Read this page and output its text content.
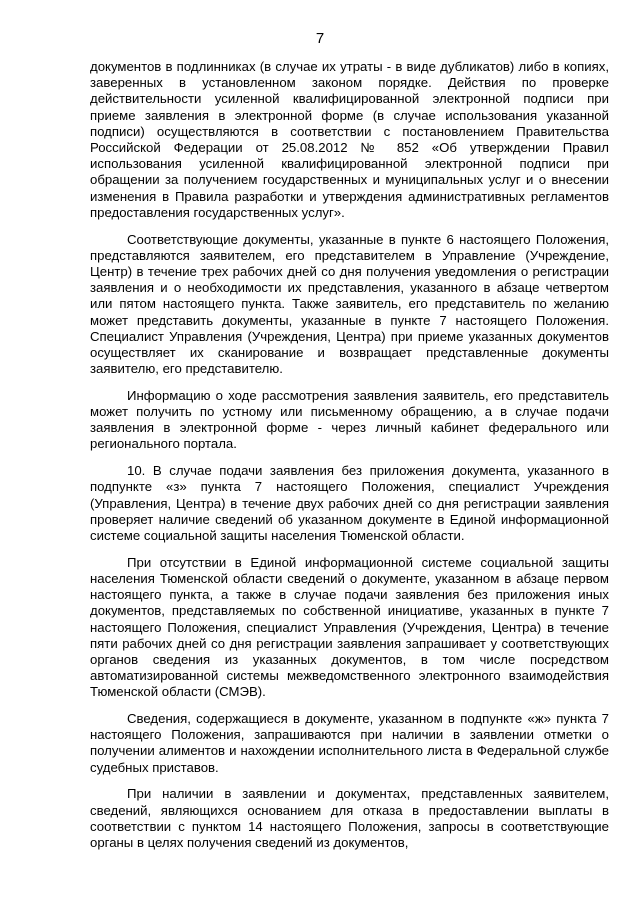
7

документов в подлинниках (в случае их утраты - в виде дубликатов) либо в копиях, заверенных в установленном законом порядке. Действия по проверке действительности усиленной квалифицированной электронной подписи при приеме заявления в электронной форме (в случае использования указанной подписи) осуществляются в соответствии с постановлением Правительства Российской Федерации от 25.08.2012 № 852 «Об утверждении Правил использования усиленной квалифицированной электронной подписи при обращении за получением государственных и муниципальных услуг и о внесении изменения в Правила разработки и утверждения административных регламентов предоставления государственных услуг».

Соответствующие документы, указанные в пункте 6 настоящего Положения, представляются заявителем, его представителем в Управление (Учреждение, Центр) в течение трех рабочих дней со дня получения уведомления о регистрации заявления и о необходимости их представления, указанного в абзаце четвертом или пятом настоящего пункта. Также заявитель, его представитель по желанию может представить документы, указанные в пункте 7 настоящего Положения. Специалист Управления (Учреждения, Центра) при приеме указанных документов осуществляет их сканирование и возвращает представленные документы заявителю, его представителю.

Информацию о ходе рассмотрения заявления заявитель, его представитель может получить по устному или письменному обращению, а в случае подачи заявления в электронной форме - через личный кабинет федерального или регионального портала.

10. В случае подачи заявления без приложения документа, указанного в подпункте «з» пункта 7 настоящего Положения, специалист Учреждения (Управления, Центра) в течение двух рабочих дней со дня регистрации заявления проверяет наличие сведений об указанном документе в Единой информационной системе социальной защиты населения Тюменской области.

При отсутствии в Единой информационной системе социальной защиты населения Тюменской области сведений о документе, указанном в абзаце первом настоящего пункта, а также в случае подачи заявления без приложения иных документов, представляемых по собственной инициативе, указанных в пункте 7 настоящего Положения, специалист Управления (Учреждения, Центра) в течение пяти рабочих дней со дня регистрации заявления запрашивает у соответствующих органов сведения из указанных документов, в том числе посредством автоматизированной системы межведомственного электронного взаимодействия Тюменской области (СМЭВ).

Сведения, содержащиеся в документе, указанном в подпункте «ж» пункта 7 настоящего Положения, запрашиваются при наличии в заявлении отметки о получении алиментов и нахождении исполнительного листа в Федеральной службе судебных приставов.

При наличии в заявлении и документах, представленных заявителем, сведений, являющихся основанием для отказа в предоставлении выплаты в соответствии с пунктом 14 настоящего Положения, запросы в соответствующие органы в целях получения сведений из документов,
